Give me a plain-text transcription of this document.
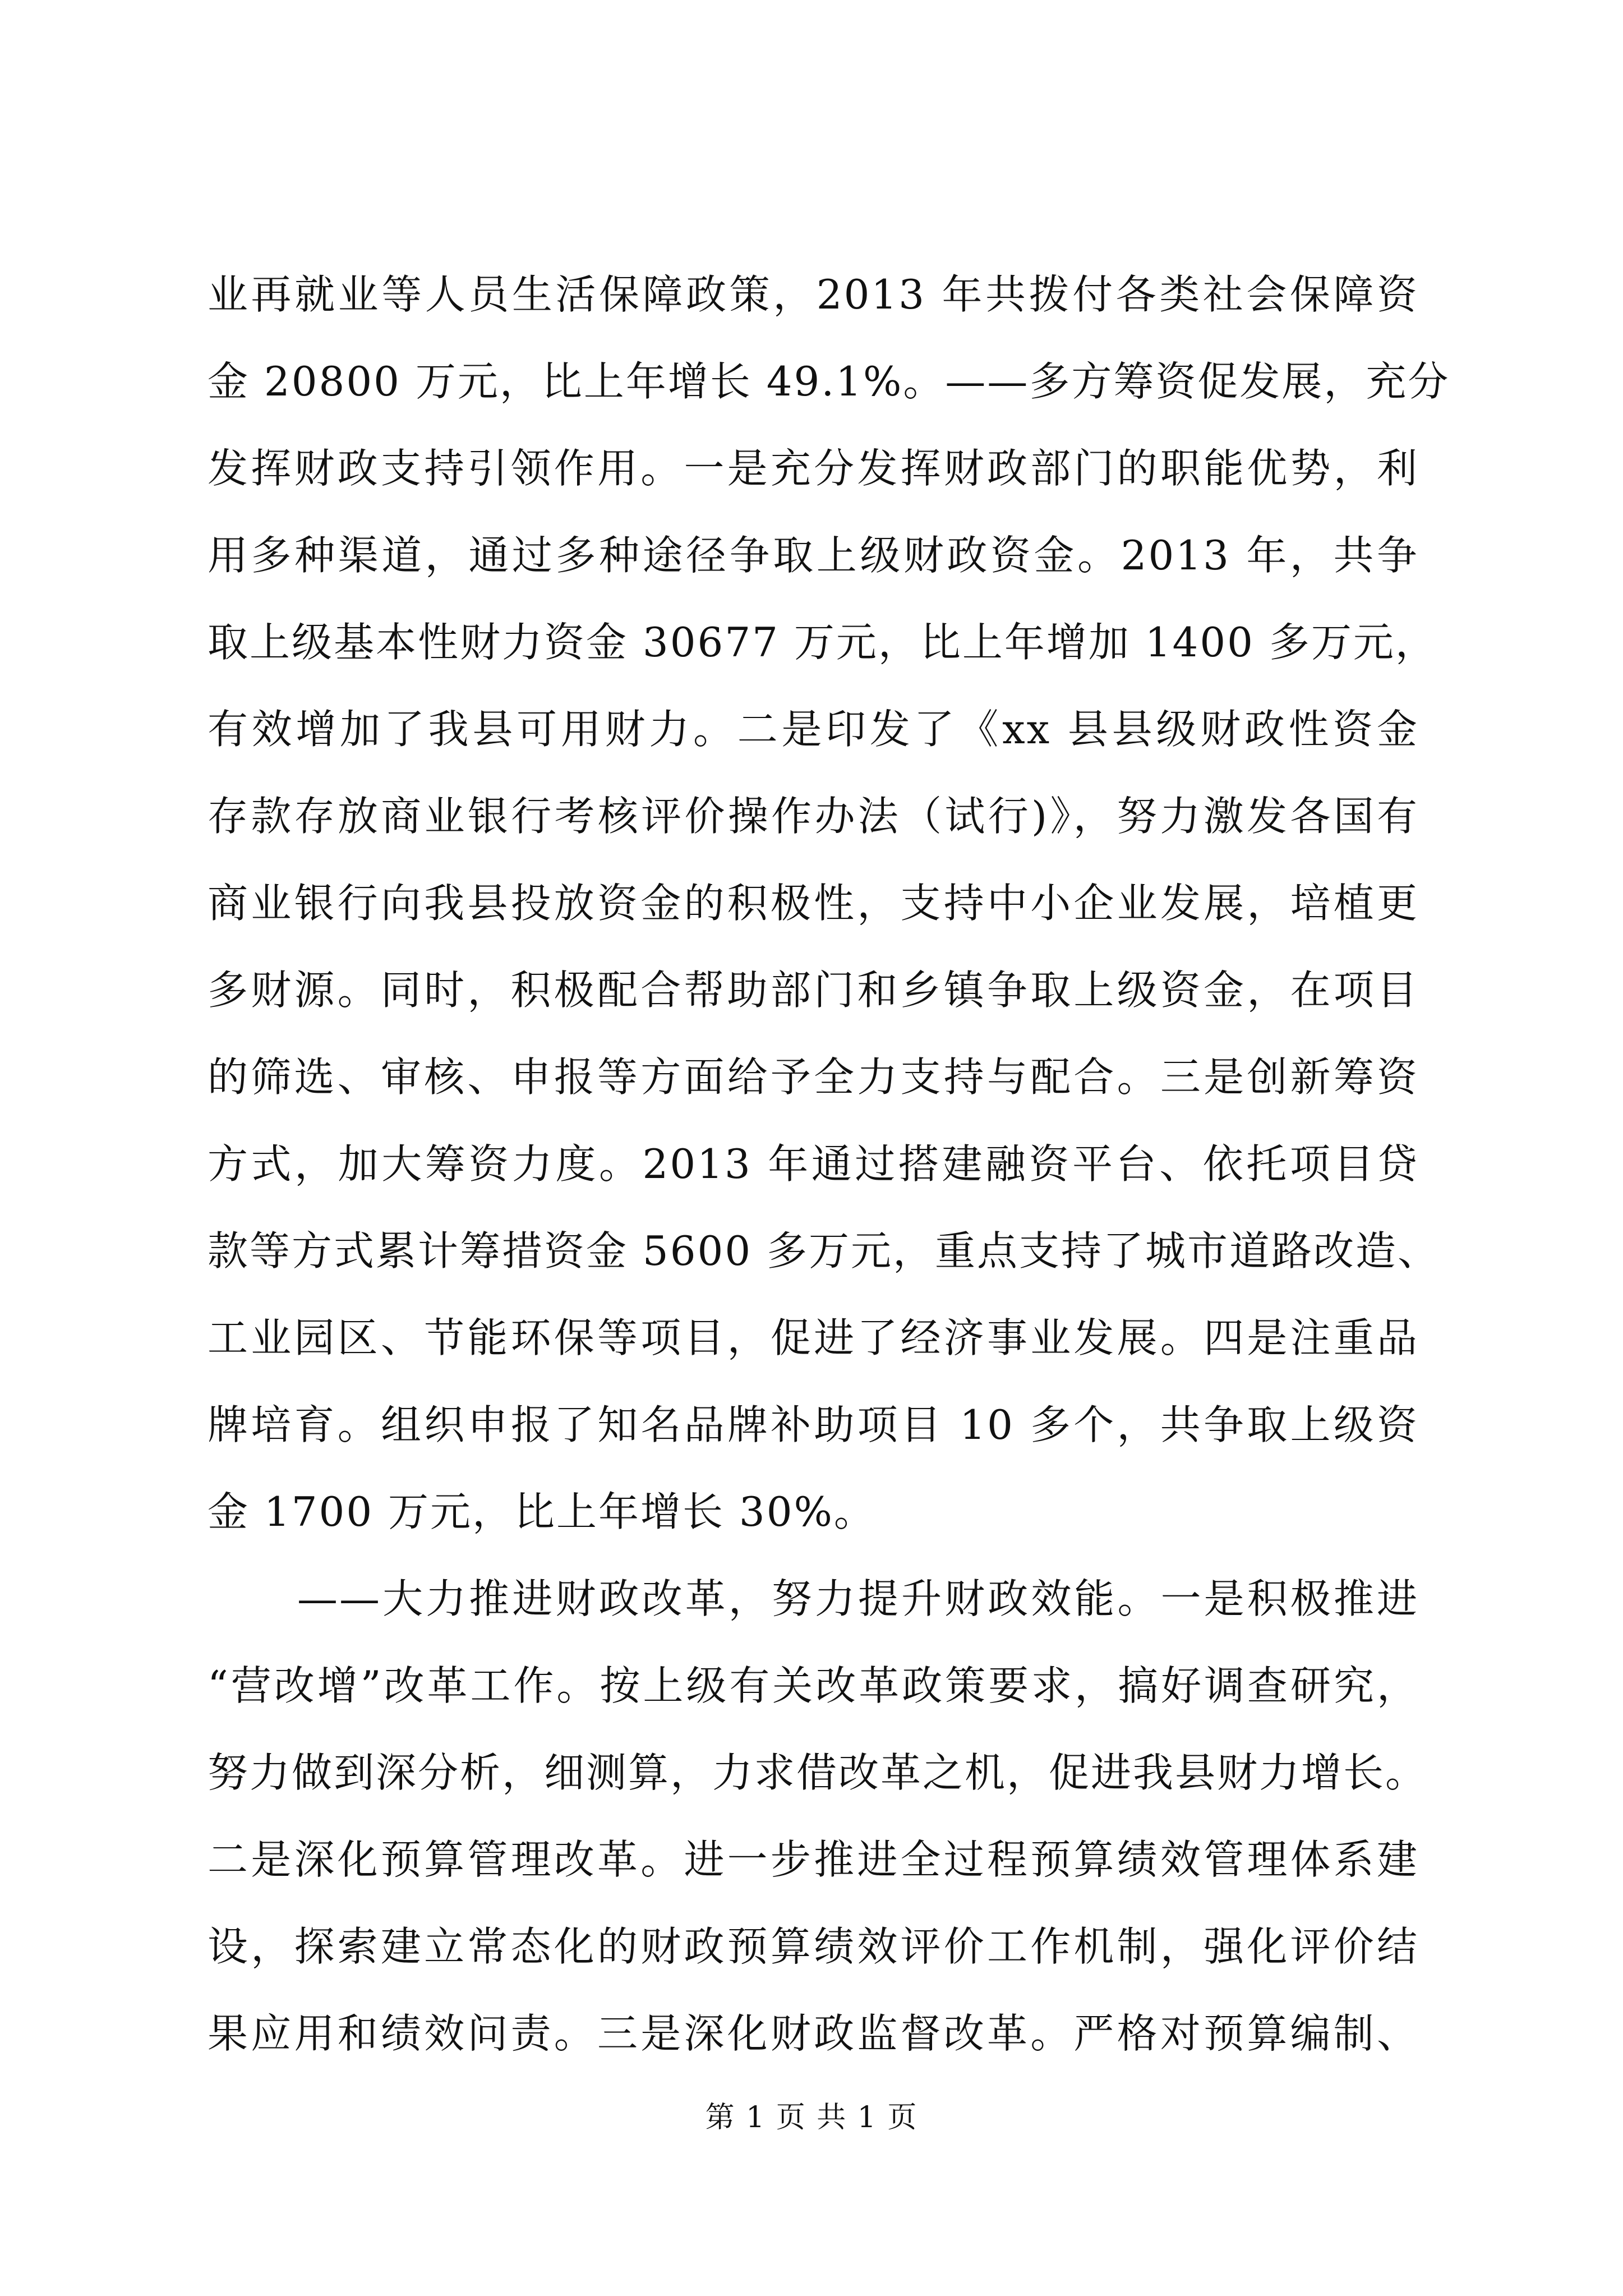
业再就业等人员生活保障政策，2013 年共拨付各类社会保障资
金 20800 万元，比上年增长 49.1%。——多方筹资促发展，充分
发挥财政支持引领作用。一是充分发挥财政部门的职能优势，利
用多种渠道，通过多种途径争取上级财政资金。2013 年，共争
取上级基本性财力资金 30677 万元，比上年增加 1400 多万元，
有效增加了我县可用财力。二是印发了《xx 县县级财政性资金
存款存放商业银行考核评价操作办法（试行)》，努力激发各国有
商业银行向我县投放资金的积极性，支持中小企业发展，培植更
多财源。同时，积极配合帮助部门和乡镇争取上级资金，在项目
的筛选、审核、申报等方面给予全力支持与配合。三是创新筹资
方式，加大筹资力度。2013 年通过搭建融资平台、依托项目贷
款等方式累计筹措资金 5600 多万元，重点支持了城市道路改造、
工业园区、节能环保等项目，促进了经济事业发展。四是注重品
牌培育。组织申报了知名品牌补助项目 10 多个，共争取上级资
金 1700 万元，比上年增长 30%。
——大力推进财政改革，努力提升财政效能。一是积极推进
“营改增”改革工作。按上级有关改革政策要求，搞好调查研究，
努力做到深分析，细测算，力求借改革之机，促进我县财力增长。
二是深化预算管理改革。进一步推进全过程预算绩效管理体系建
设，探索建立常态化的财政预算绩效评价工作机制，强化评价结
果应用和绩效问责。三是深化财政监督改革。严格对预算编制、
第 1 页 共 1 页
